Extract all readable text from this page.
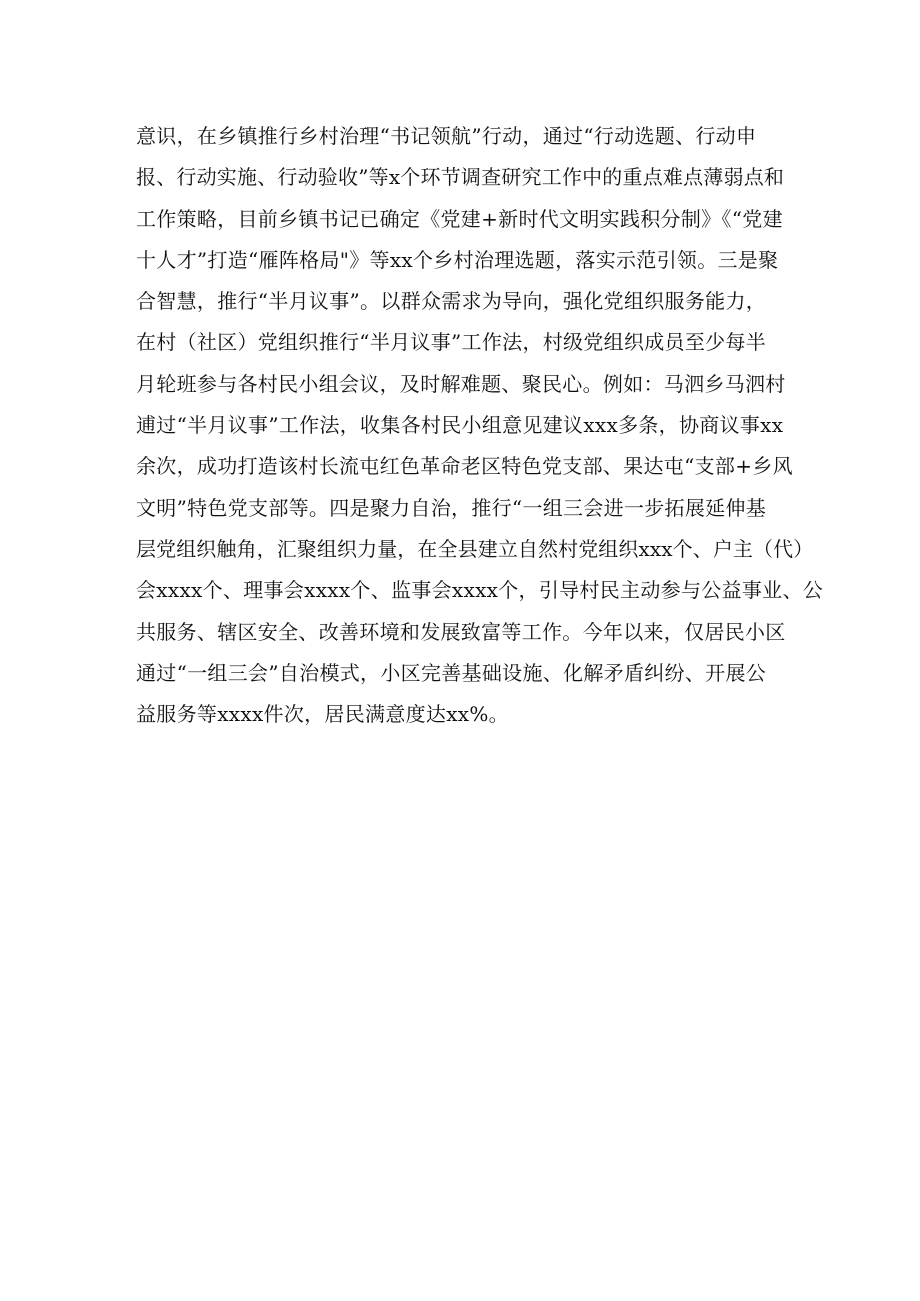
意识，在乡镇推行乡村治理“书记领航”行动，通过“行动选题、行动申
报、行动实施、行动验收”等x个环节调查研究工作中的重点难点薄弱点和
工作策略，目前乡镇书记已确定《党建+新时代文明实践积分制》《“党建
十人才”打造“雁阵格局"》等xx个乡村治理选题，落实示范引领。三是聚
合智慧，推行“半月议事”。以群众需求为导向，强化党组织服务能力，
在村（社区）党组织推行“半月议事”工作法，村级党组织成员至少每半
月轮班参与各村民小组会议，及时解难题、聚民心。例如：马泗乡马泗村
逋过“半月议事”工作法，收集各村民小组意见建议xxx多条，协商议事xx
余次，成功打造该村长流屯红色革命老区特色党支部、果达屯“支部+乡风
文明”特色党支部等。四是聚力自治，推行“一组三会进一步拓展延伸基
层党组织触角，汇聚组织力量，在全县建立自然村党组织xxx个、户主（代）
会xxxx个、理事会xxxx个、监事会xxxx个，引导村民主动参与公益事业、公
共服务、辖区安全、改善环境和发展致富等工作。今年以来，仅居民小区
通过“一组三会”自治模式，小区完善基础设施、化解矛盾纠纷、开展公
益服务等xxxx件次，居民满意度达xx%。
